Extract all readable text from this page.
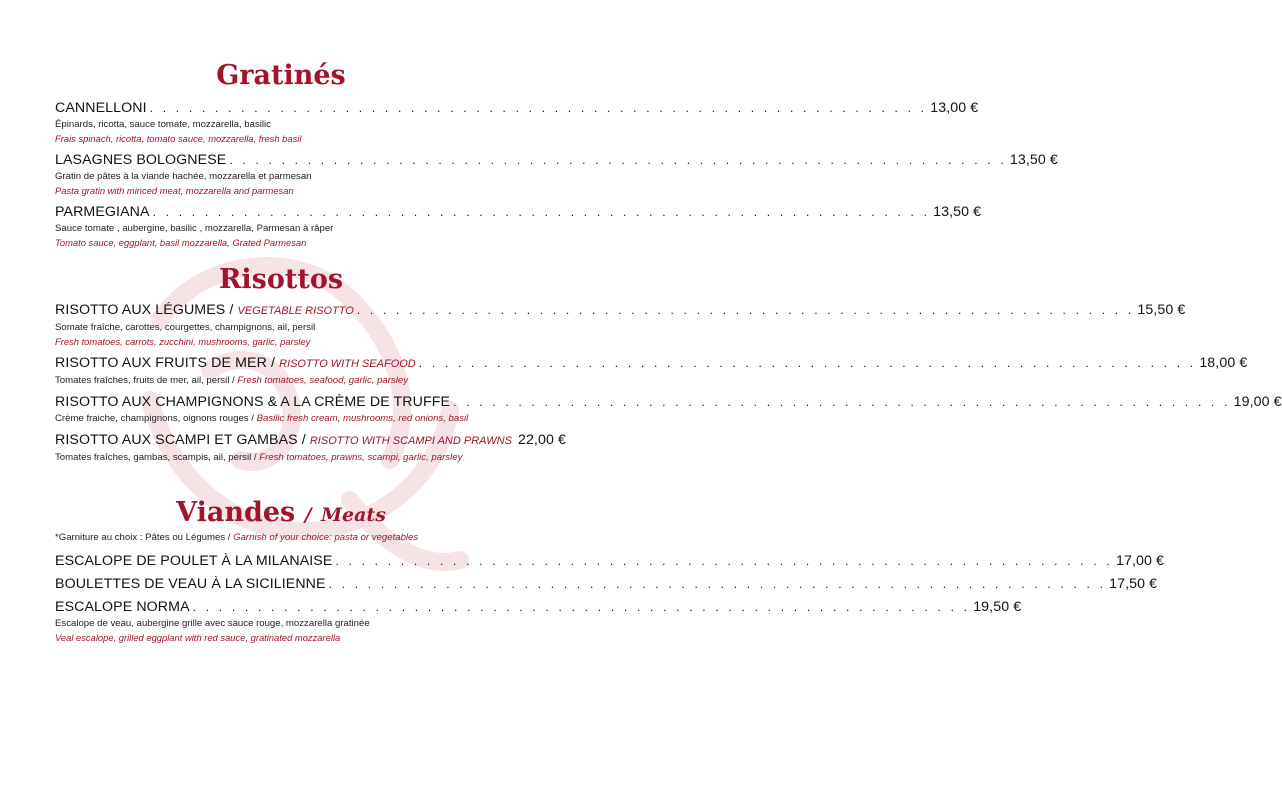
Gratinés
CANNELLONI . . .	13,00 €
Épinards, ricotta, sauce tomate, mozzarella, basilic
Frais spinach, ricotta, tomato sauce, mozzarella, fresh basil
LASAGNES BOLOGNESE . . .	13,50 €
Gratin de pâtes à la viande hachée, mozzarella et parmesan
Pasta gratin with minced meat, mozzarella and parmesan
PARMEGIANA . . .	13,50 €
Sauce tomate , aubergine, basilic , mozzarella, Parmesan à râper
Tomato sauce, eggplant, basil mozzarella, Grated Parmesan
Risottos
RISOTTO AUX LÉGUMES / VEGETABLE RISOTTO . . .	15,50 €
Somate fraîche, carottes, courgettes, champignons, ail, persil
Fresh tomatoes, carrots, zucchini, mushrooms, garlic, parsley
RISOTTO AUX FRUITS DE MER / RISOTTO WITH SEAFOOD . . .	18,00 €
Tomates fraîches, fruits de mer, ail, persil / Fresh tomatoes, seafood, garlic, parsley
RISOTTO AUX CHAMPIGNONS & A LA CRÈME DE TRUFFE . . .	19,00 €
Crème fraiche, champignons, oignons rouges / Basilic fresh cream, mushrooms, red onions, basil
RISOTTO AUX SCAMPI ET GAMBAS / RISOTTO WITH SCAMPI AND PRAWNS 22,00 €
Tomates fraîches, gambas, scampis, ail, persil / Fresh tomatoes, prawns, scampi, garlic, parsley
Viandes / Meats
*Garniture au choix : Pâtes ou Légumes / Garnish of your choice: pasta or vegetables
ESCALOPE DE POULET À LA MILANAISE . . .	17,00 €
BOULETTES DE VEAU À LA SICILIENNE . . .	17,50 €
ESCALOPE NORMA . . .	19,50 €
Escalope de veau, aubergine grille avec sauce rouge, mozzarella gratinée
Veal escalope, grilled eggplant with red sauce, gratinated mozzarella
